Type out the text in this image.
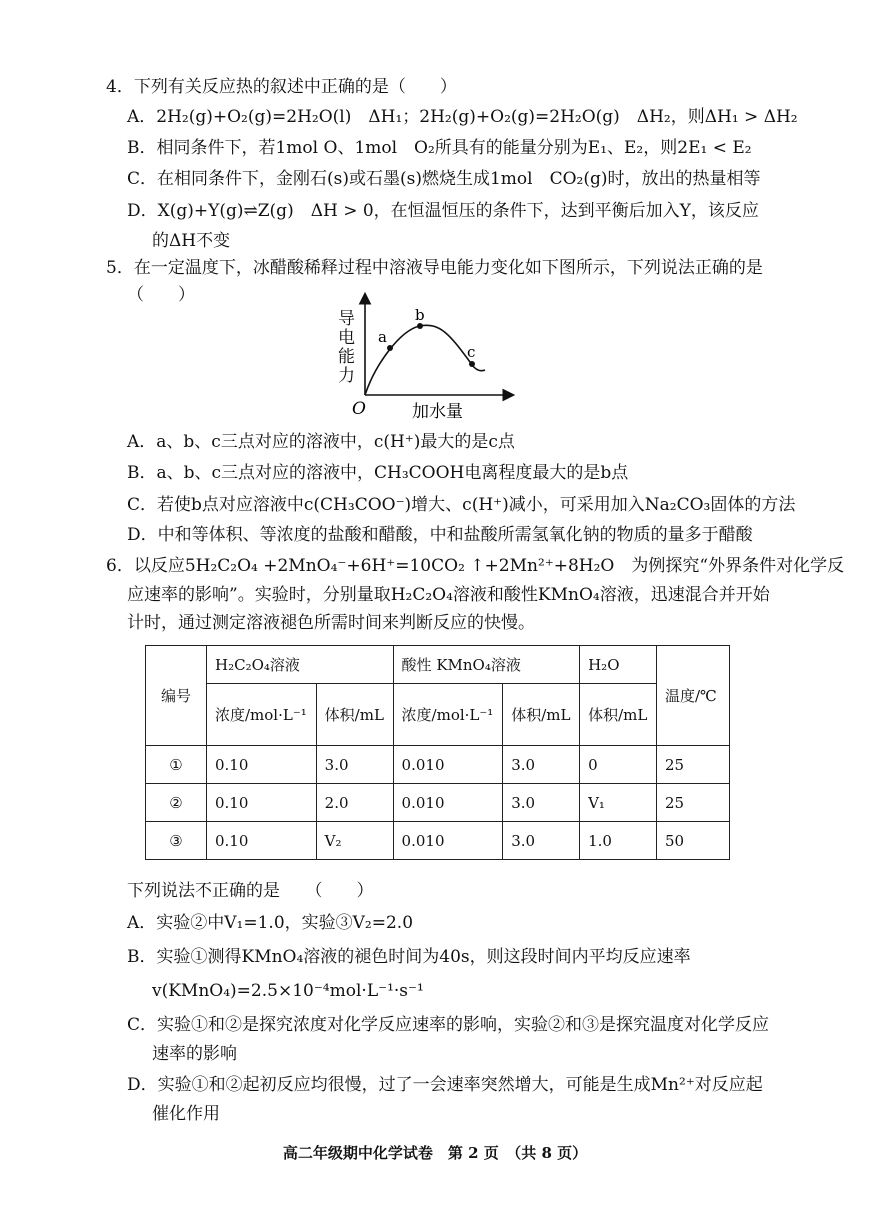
4．下列有关反应热的叙述中正确的是（　　）
A．2H₂(g)+O₂(g)=2H₂O(l)　ΔH₁；2H₂(g)+O₂(g)=2H₂O(g)　ΔH₂，则ΔH₁ > ΔH₂
B．相同条件下，若1mol O、1mol　O₂所具有的能量分别为E₁、E₂，则2E₁ < E₂
C．在相同条件下，金刚石(s)或石墨(s)燃烧生成1mol　CO₂(g)时，放出的热量相等
D．X(g)+Y(g)⇌Z(g)　ΔH > 0，在恒温恒压的条件下，达到平衡后加入Y，该反应
的ΔH不变
5．在一定温度下，冰醋酸稀释过程中溶液导电能力变化如下图所示，下列说法正确的是
（　　）
a
b
c
O	加水量
导电能力
A．a、b、c三点对应的溶液中，c(H⁺)最大的是c点
B．a、b、c三点对应的溶液中，CH₃COOH电离程度最大的是b点
C．若使b点对应溶液中c(CH₃COO⁻)增大、c(H⁺)减小，可采用加入Na₂CO₃固体的方法
D．中和等体积、等浓度的盐酸和醋酸，中和盐酸所需氢氧化钠的物质的量多于醋酸
6．以反应5H₂C₂O₄ +2MnO₄⁻+6H⁺=10CO₂ ↑+2Mn²⁺+8H₂O　为例探究“外界条件对化学反
应速率的影响”。实验时，分别量取H₂C₂O₄溶液和酸性KMnO₄溶液，迅速混合并开始
计时，通过测定溶液褪色所需时间来判断反应的快慢。
编号	H₂C₂O₄溶液		酸性 KMnO₄溶液		H₂O	温度/℃
	浓度/mol·L⁻¹	体积/mL	浓度/mol·L⁻¹	体积/mL	体积/mL	
①	0.10	3.0	0.010	3.0	0	25
②	0.10	2.0	0.010	3.0	V₁	25
③	0.10	V₂	0.010	3.0	1.0	50
下列说法不正确的是　　（　　）
A．实验②中V₁=1.0，实验③V₂=2.0
B．实验①测得KMnO₄溶液的褪色时间为40s，则这段时间内平均反应速率
v(KMnO₄)=2.5×10⁻⁴mol·L⁻¹·s⁻¹
C．实验①和②是探究浓度对化学反应速率的影响，实验②和③是探究温度对化学反应
速率的影响
D．实验①和②起初反应均很慢，过了一会速率突然增大，可能是生成Mn²⁺对反应起
催化作用
高二年级期中化学试卷　第 2 页　（共 8 页）
